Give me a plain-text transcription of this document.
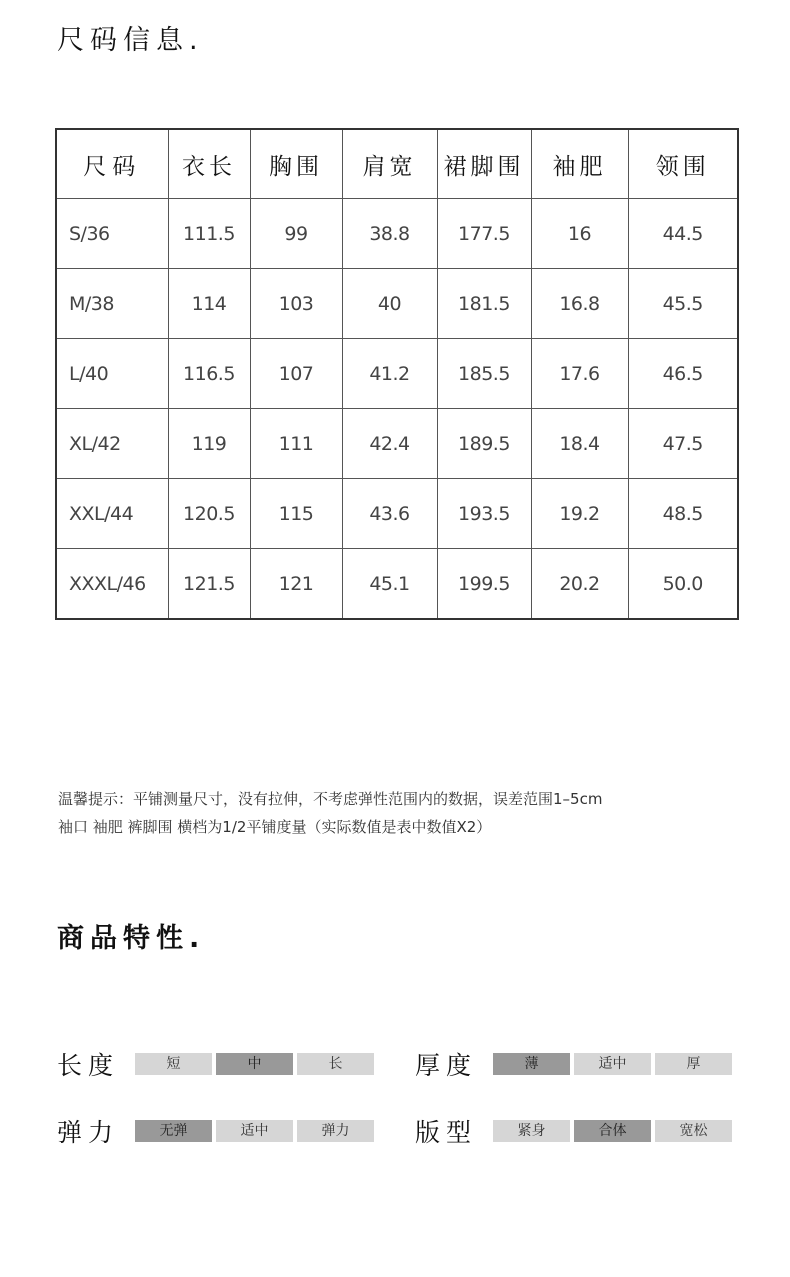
尺码信息.
尺码	衣长	胸围	肩宽	裙脚围	袖肥	领围
S/36	111.5	99	38.8	177.5	16	44.5
M/38	114	103	40	181.5	16.8	45.5
L/40	116.5	107	41.2	185.5	17.6	46.5
XL/42	119	111	42.4	189.5	18.4	47.5
XXL/44	120.5	115	43.6	193.5	19.2	48.5
XXXL/46	121.5	121	45.1	199.5	20.2	50.0
温馨提示：平铺测量尺寸，没有拉伸，不考虑弹性范围内的数据，误差范围1–5cm
袖口 袖肥 裤脚围 横档为1/2平铺度量（实际数值是表中数值X2）
商品特性.
长度	短	中	长	厚度	薄	适中	厚
弹力	无弹	适中	弹力	版型	紧身	合体	宽松
